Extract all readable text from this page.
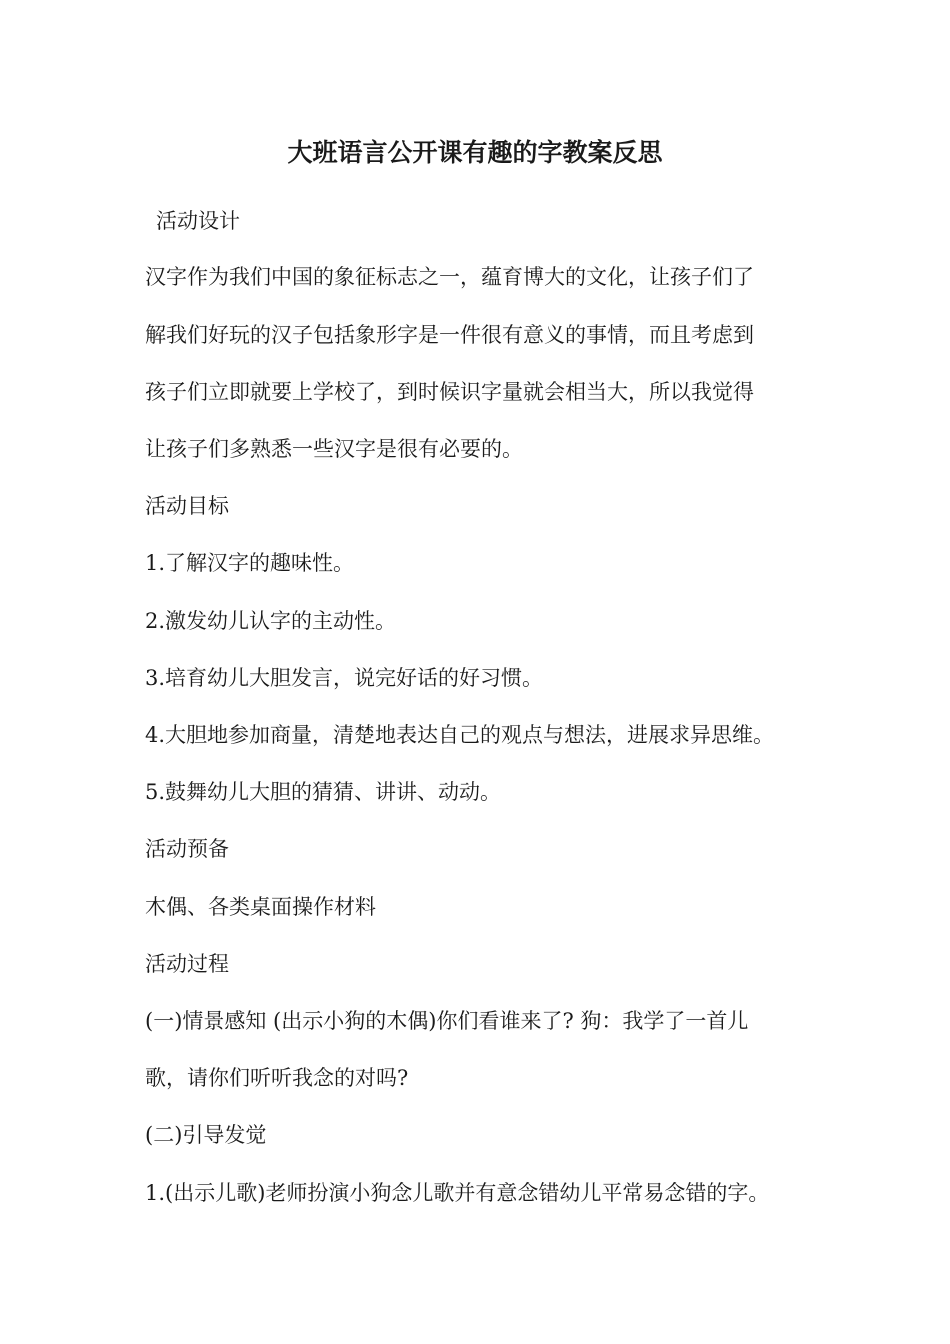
大班语言公开课有趣的字教案反思
活动设计
汉字作为我们中国的象征标志之一，蕴育博大的文化，让孩子们了
解我们好玩的汉子包括象形字是一件很有意义的事情，而且考虑到
孩子们立即就要上学校了，到时候识字量就会相当大，所以我觉得
让孩子们多熟悉一些汉字是很有必要的。
活动目标
1.了解汉字的趣味性。
2.激发幼儿认字的主动性。
3.培育幼儿大胆发言，说完好话的好习惯。
4.大胆地参加商量，清楚地表达自己的观点与想法，进展求异思维。
5.鼓舞幼儿大胆的猜猜、讲讲、动动。
活动预备
木偶、各类桌面操作材料
活动过程
(一)情景感知 (出示小狗的木偶)你们看谁来了? 狗：我学了一首儿
歌，请你们听听我念的对吗?
(二)引导发觉
1.(出示儿歌)老师扮演小狗念儿歌并有意念错幼儿平常易念错的字。
